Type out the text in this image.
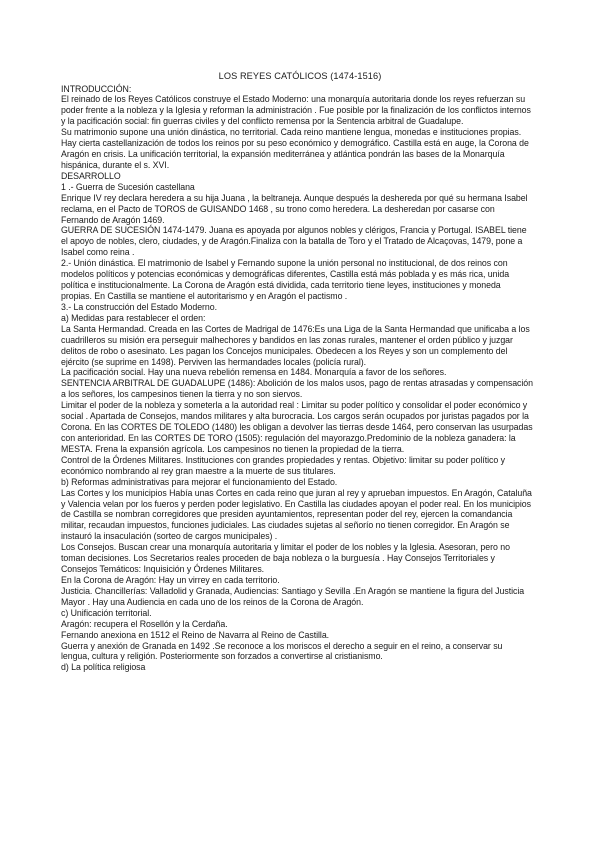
LOS REYES CATÓLICOS (1474-1516)

INTRODUCCIÓN:

El reinado de los Reyes Católicos construye el Estado Moderno: una monarquía autoritaria donde los reyes refuerzan su poder frente a la nobleza y la Iglesia y reforman la administración . Fue posible por la finalización de los conflictos internos y la pacificación social: fin guerras civiles y del conflicto remensa por la Sentencia arbitral de Guadalupe.

Su matrimonio supone una unión dinástica, no territorial. Cada reino mantiene lengua, monedas e instituciones propias.

Hay cierta castellanización de todos los reinos por su peso económico y demográfico. Castilla está en auge, la Corona de Aragón en crisis. La unificación territorial, la expansión mediterránea y atlántica pondrán las bases de la Monarquía hispánica, durante el s. XVI.

DESARROLLO

1 .- Guerra de Sucesión castellana

Enrique IV rey declara heredera a su hija Juana , la beltraneja. Aunque después la deshereda por qué su hermana Isabel reclama, en el Pacto de TOROS de GUISANDO 1468 , su trono como heredera. La desheredan por casarse con Fernando de Aragón 1469.

GUERRA DE SUCESIÓN 1474-1479. Juana es apoyada por algunos nobles y clérigos, Francia y Portugal. ISABEL tiene el apoyo de nobles, clero, ciudades, y de Aragón.Finaliza con la batalla de Toro y el Tratado de Alcaçovas, 1479, pone a Isabel como reina .

2.- Unión dinástica. El matrimonio de Isabel y Fernando supone la unión personal no institucional, de dos reinos con modelos políticos y potencias económicas y demográficas diferentes, Castilla está más poblada y es más rica, unida política e institucionalmente. La Corona de Aragón está dividida, cada territorio tiene leyes, instituciones y moneda propias. En Castilla se mantiene el autoritarismo y en Aragón el pactismo .

3.- La construcción del Estado Moderno.

a) Medidas para restablecer el orden:

La Santa Hermandad. Creada en las Cortes de Madrigal de 1476:Es una Liga de la Santa Hermandad que unificaba a los cuadrilleros su misión era perseguir malhechores y bandidos en las zonas rurales, mantener el orden público y juzgar delitos de robo o asesinato. Les pagan los Concejos municipales. Obedecen a los Reyes y son un complemento del ejército (se suprime en 1498). Perviven las hermandades locales (policía rural).

La pacificación social. Hay una nueva rebelión remensa en 1484. Monarquía a favor de los señores.

SENTENCIA ARBITRAL DE GUADALUPE (1486): Abolición de los malos usos, pago de rentas atrasadas y compensación a los señores, los campesinos tienen la tierra y no son siervos.

Limitar el poder de la nobleza y someterla a la autoridad real : Limitar su poder político y consolidar el poder económico y social . Apartada de Consejos, mandos militares y alta burocracia. Los cargos serán ocupados por juristas pagados por la Corona. En las CORTES DE TOLEDO (1480) les obligan a devolver las tierras desde 1464, pero conservan las usurpadas con anterioridad. En las CORTES DE TORO (1505): regulación del mayorazgo.Predominio de la nobleza ganadera: la MESTA. Frena la expansión agrícola. Los campesinos no tienen la propiedad de la tierra.

Control de la Órdenes Militares. Instituciones con grandes propiedades y rentas. Objetivo: limitar su poder político y económico nombrando al rey gran maestre a la muerte de sus titulares.

b) Reformas administrativas para mejorar el funcionamiento del Estado.

Las Cortes y los municipios Había unas Cortes en cada reino que juran al rey y aprueban impuestos. En Aragón, Cataluña y Valencia velan por los fueros y perden poder legislativo. En Castilla las ciudades apoyan el poder real. En los municipios de Castilla se nombran corregidores que presiden ayuntamientos, representan poder del rey, ejercen la comandancia militar, recaudan impuestos, funciones judiciales. Las ciudades sujetas al señorío no tienen corregidor. En Aragón se instauró la insaculación (sorteo de cargos municipales) .

Los Consejos. Buscan crear una monarquía autoritaria y limitar el poder de los nobles y la Iglesia. Asesoran, pero no toman decisiones. Los Secretarios reales proceden de baja nobleza o la burguesía . Hay Consejos Territoriales y Consejos Temáticos: Inquisición y Órdenes Militares.

En la Corona de Aragón: Hay un virrey en cada territorio.

Justicia. Chancillerías: Valladolid y Granada, Audiencias: Santiago y Sevilla .En Aragón se mantiene la figura del Justicia Mayor . Hay una Audiencia en cada uno de los reinos de la Corona de Aragón.

c) Unificación territorial.

Aragón: recupera el Rosellón y la Cerdaña.

Fernando anexiona en 1512 el Reino de Navarra al Reino de Castilla.

Guerra y anexión de Granada en 1492 .Se reconoce a los moriscos el derecho a seguir en el reino, a conservar su lengua, cultura y religión. Posteriormente son forzados a convertirse al cristianismo.

d) La política religiosa
